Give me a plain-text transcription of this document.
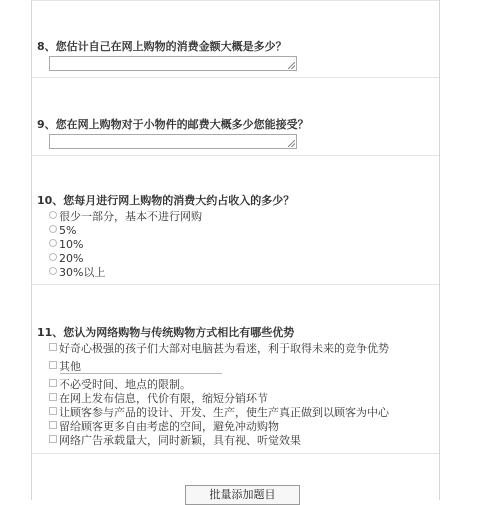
8、您估计自己在网上购物的消费金额大概是多少？
9、您在网上购物对于小物件的邮费大概多少您能接受？
10、您每月进行网上购物的消费大约占收入的多少？
很少一部分，基本不进行网购
5%
10%
20%
30%以上
11、您认为网络购物与传统购物方式相比有哪些优势
好奇心极强的孩子们大部对电脑甚为看迷，利于取得未来的竞争优势
其他
不必受时间、地点的限制。
在网上发布信息，代价有限，缩短分销环节
让顾客参与产品的设计、开发、生产，使生产真正做到以顾客为中心
留给顾客更多自由考虑的空间，避免冲动购物
网络广告承载量大，同时新颖，具有视、听觉效果
批量添加题目
